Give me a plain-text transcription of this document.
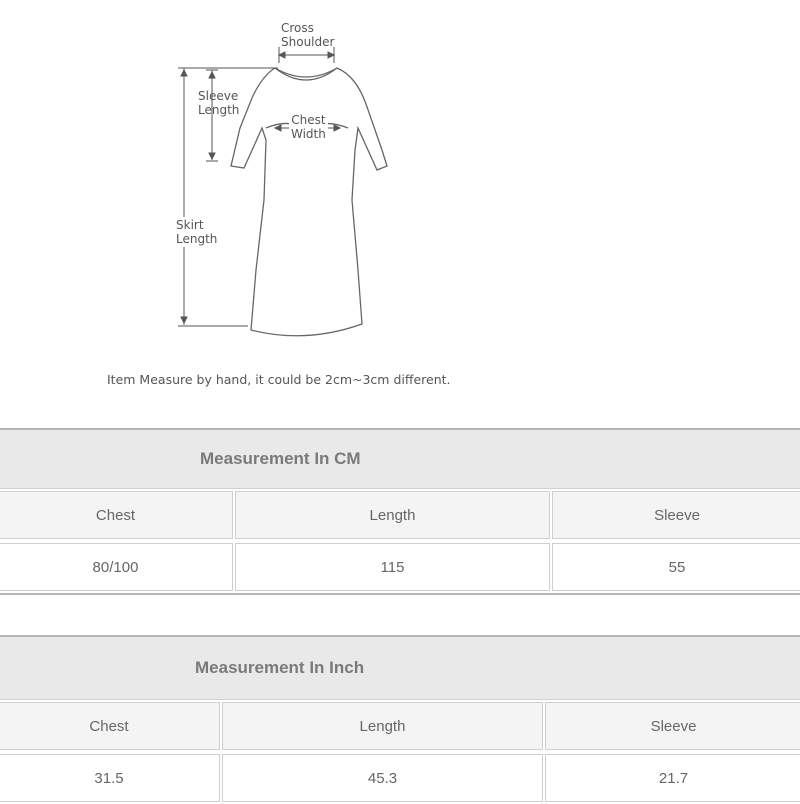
Cross
Shoulder
Sleeve
Length
Chest
Width
Skirt
Length
Item Measure by hand, it could be 2cm~3cm different.
Measurement In CM
Chest	Length	Sleeve
80/100	115	55
Measurement In Inch
Chest	Length	Sleeve
31.5	45.3	21.7
